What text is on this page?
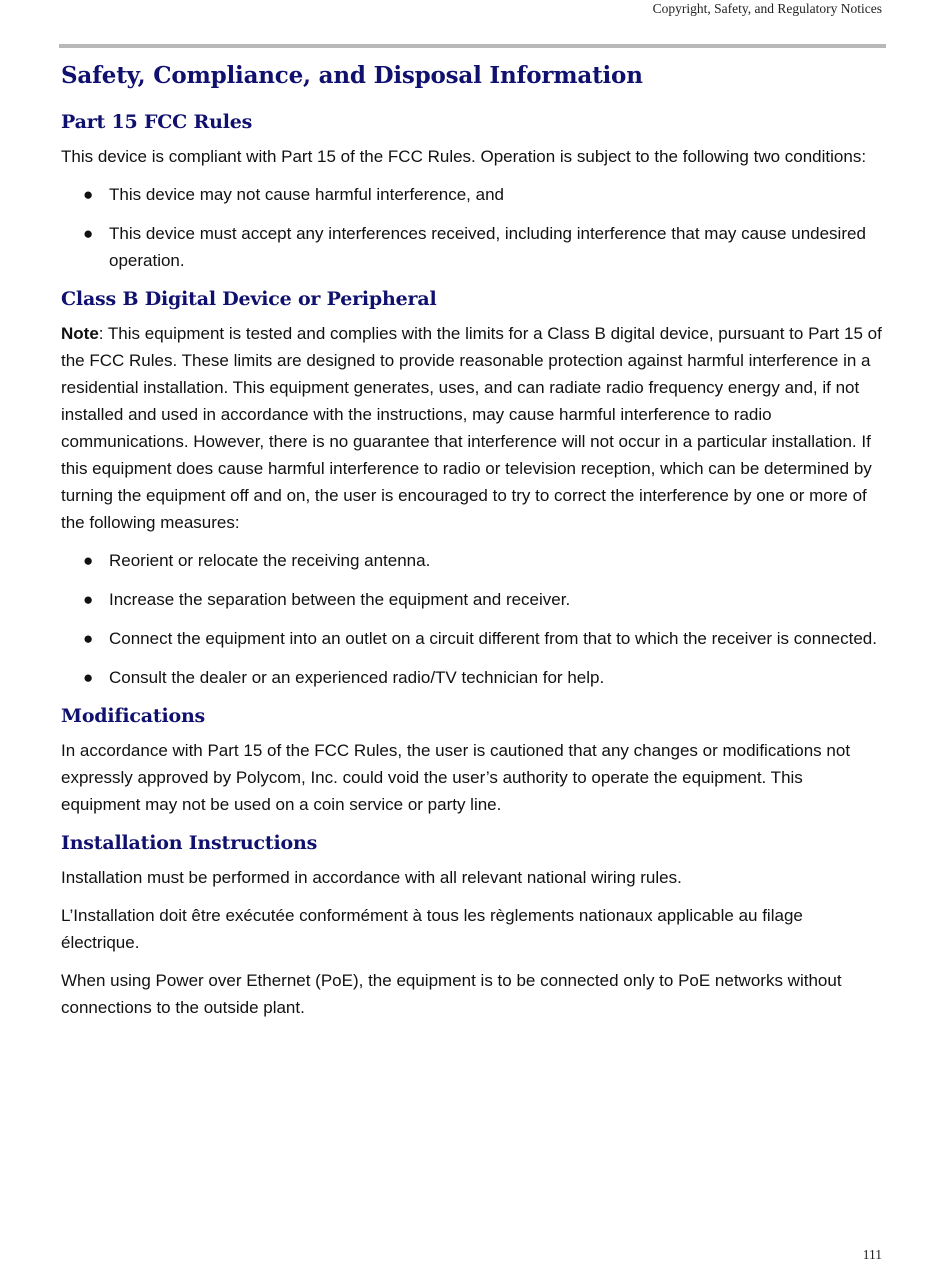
Copyright, Safety, and Regulatory Notices
Safety, Compliance, and Disposal Information
Part 15 FCC Rules

This device is compliant with Part 15 of the FCC Rules. Operation is subject to the following two conditions:

● This device may not cause harmful interference, and
● This device must accept any interferences received, including interference that may cause undesired operation.
Class B Digital Device or Peripheral

Note: This equipment is tested and complies with the limits for a Class B digital device, pursuant to Part 15 of the FCC Rules. These limits are designed to provide reasonable protection against harmful interference in a residential installation. This equipment generates, uses, and can radiate radio frequency energy and, if not installed and used in accordance with the instructions, may cause harmful interference to radio communications. However, there is no guarantee that interference will not occur in a particular installation. If this equipment does cause harmful interference to radio or television reception, which can be determined by turning the equipment off and on, the user is encouraged to try to correct the interference by one or more of the following measures:

● Reorient or relocate the receiving antenna.
● Increase the separation between the equipment and receiver.
● Connect the equipment into an outlet on a circuit different from that to which the receiver is connected.
● Consult the dealer or an experienced radio/TV technician for help.
Modifications

In accordance with Part 15 of the FCC Rules, the user is cautioned that any changes or modifications not expressly approved by Polycom, Inc. could void the user’s authority to operate the equipment. This equipment may not be used on a coin service or party line.

Installation Instructions

Installation must be performed in accordance with all relevant national wiring rules.

L’Installation doit être exécutée conformément à tous les règlements nationaux applicable au filage électrique.

When using Power over Ethernet (PoE), the equipment is to be connected only to PoE networks without connections to the outside plant.

111
